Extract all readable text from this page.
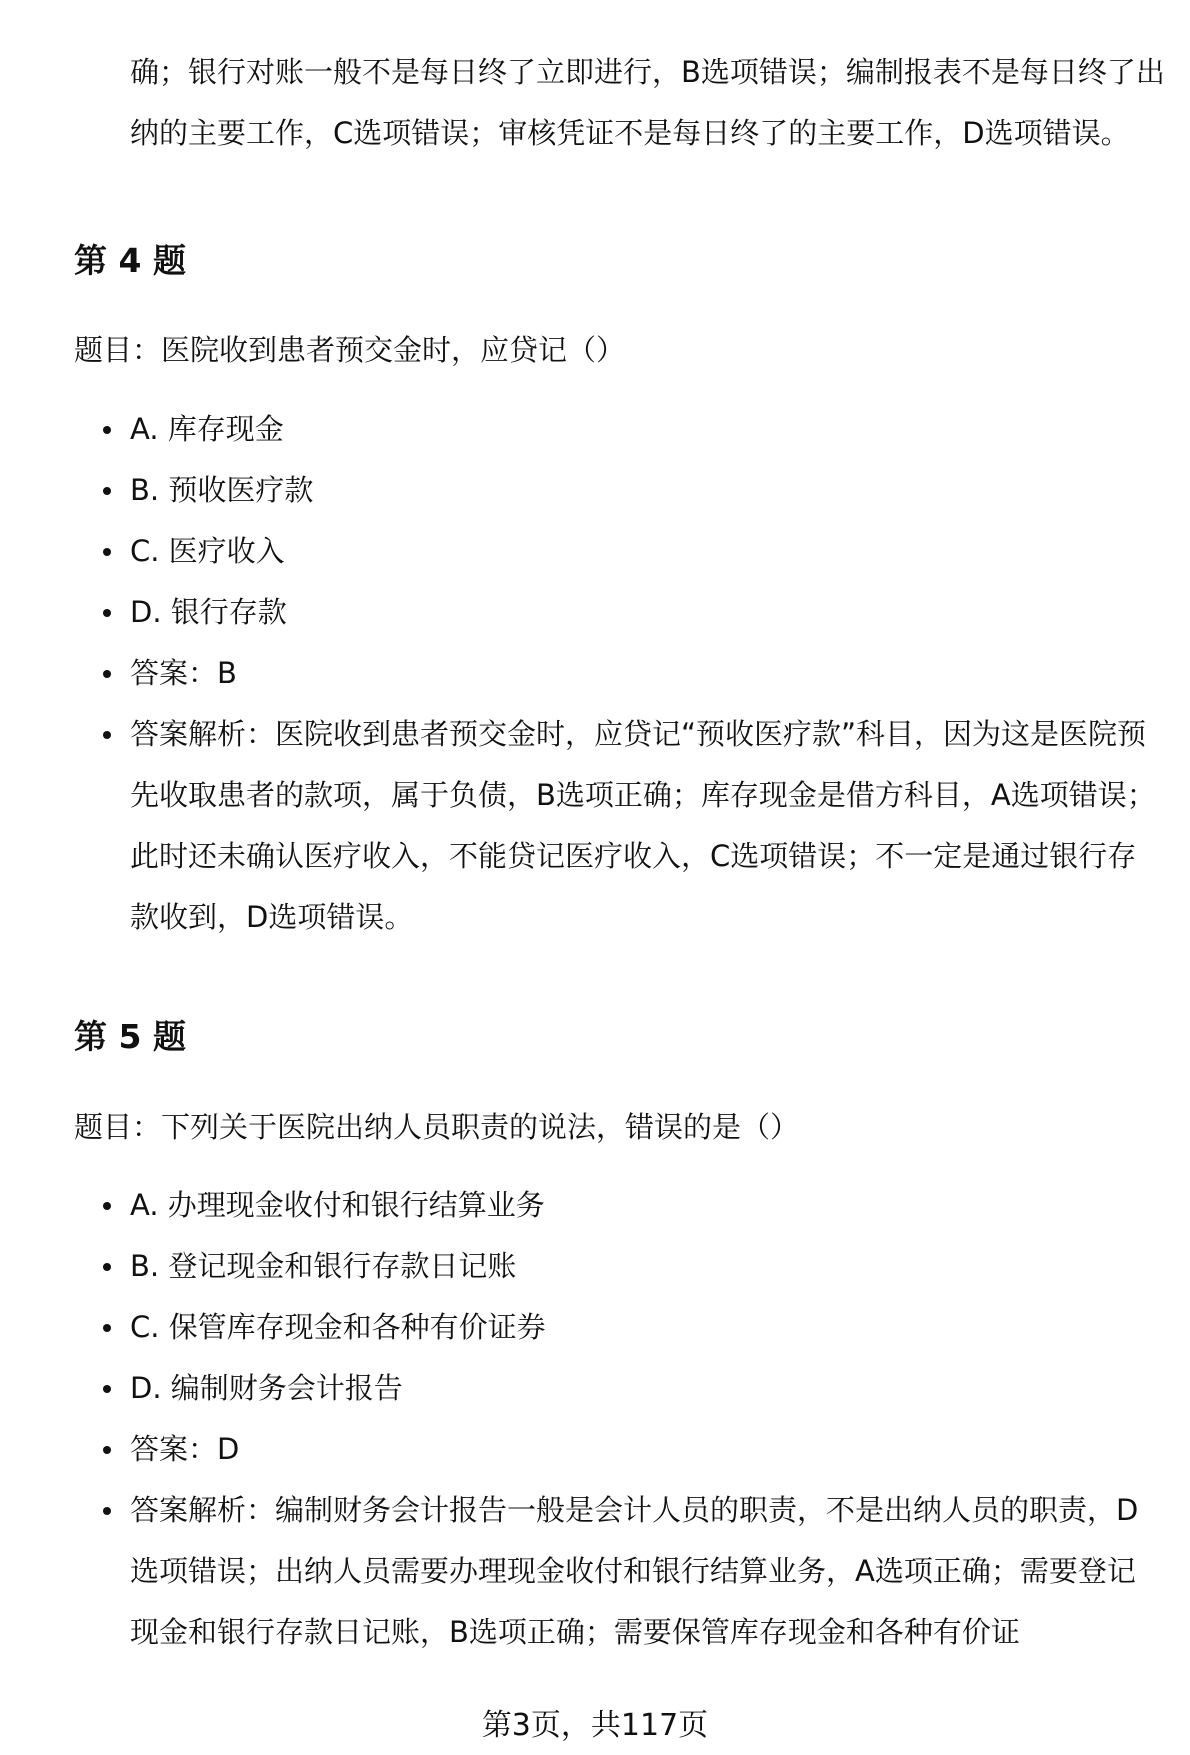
确；银行对账一般不是每日终了立即进行，B选项错误；编制报表不是每日终了出纳的主要工作，C选项错误；审核凭证不是每日终了的主要工作，D选项错误。

第 4 题

题目：医院收到患者预交金时，应贷记（）

A. 库存现金
B. 预收医疗款
C. 医疗收入
D. 银行存款
答案：B
答案解析：医院收到患者预交金时，应贷记“预收医疗款”科目，因为这是医院预先收取患者的款项，属于负债，B选项正确；库存现金是借方科目，A选项错误；此时还未确认医疗收入，不能贷记医疗收入，C选项错误；不一定是通过银行存款收到，D选项错误。
第 5 题

题目：下列关于医院出纳人员职责的说法，错误的是（）

A. 办理现金收付和银行结算业务
B. 登记现金和银行存款日记账
C. 保管库存现金和各种有价证券
D. 编制财务会计报告
答案：D
答案解析：编制财务会计报告一般是会计人员的职责，不是出纳人员的职责，D选项错误；出纳人员需要办理现金收付和银行结算业务，A选项正确；需要登记现金和银行存款日记账，B选项正确；需要保管库存现金和各种有价证
第3页，共117页
